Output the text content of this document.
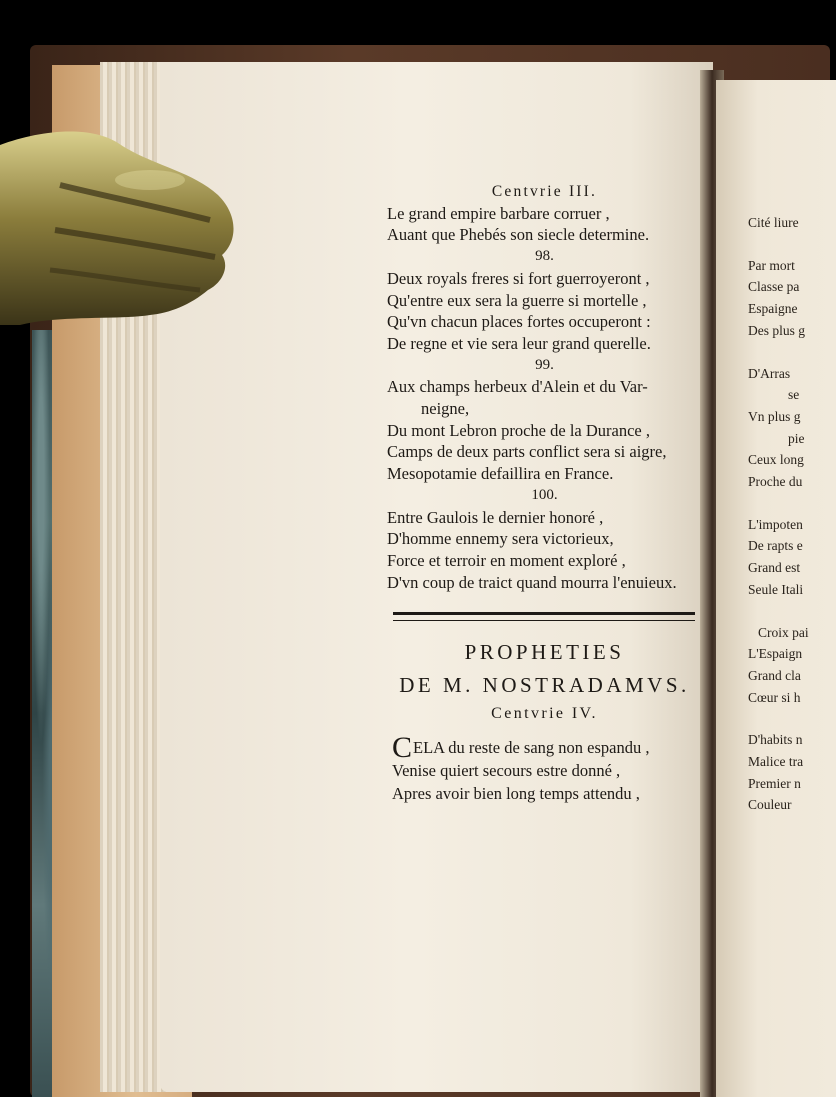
Centvrie III.
Le grand empire barbare corruer ,
Auant que Phebés son siecle determine.
98.
Deux royals freres si fort guerroyeront ,
Qu'entre eux sera la guerre si mortelle ,
Qu'vn chacun places fortes occuperont :
De regne et vie sera leur grand querelle.
99.
Aux champs herbeux d'Alein et du Var-
neigne,
Du mont Lebron proche de la Durance ,
Camps de deux parts conflict sera si aigre,
Mesopotamie defaillira en France.
100.
Entre Gaulois le dernier honoré ,
D'homme ennemy sera victorieux,
Force et terroir en moment exploré ,
D'vn coup de traict quand mourra l'enuieux.
PROPHETIES
DE M. NOSTRADAMVS.
Centvrie IV.
CELA du reste de sang non espandu ,
Venise quiert secours estre donné ,
Apres avoir bien long temps attendu ,
Cité liure
Par mort
Classe pa
Espaigne
Des plus g
D'Arras
se
Vn plus g
pie
Ceux long
Proche du
L'impoten
De rapts e
Grand est
Seule Itali
Croix pai
L'Espaign
Grand cla
Cœur si h
D'habits n
Malice tra
Premier n
Couleur
